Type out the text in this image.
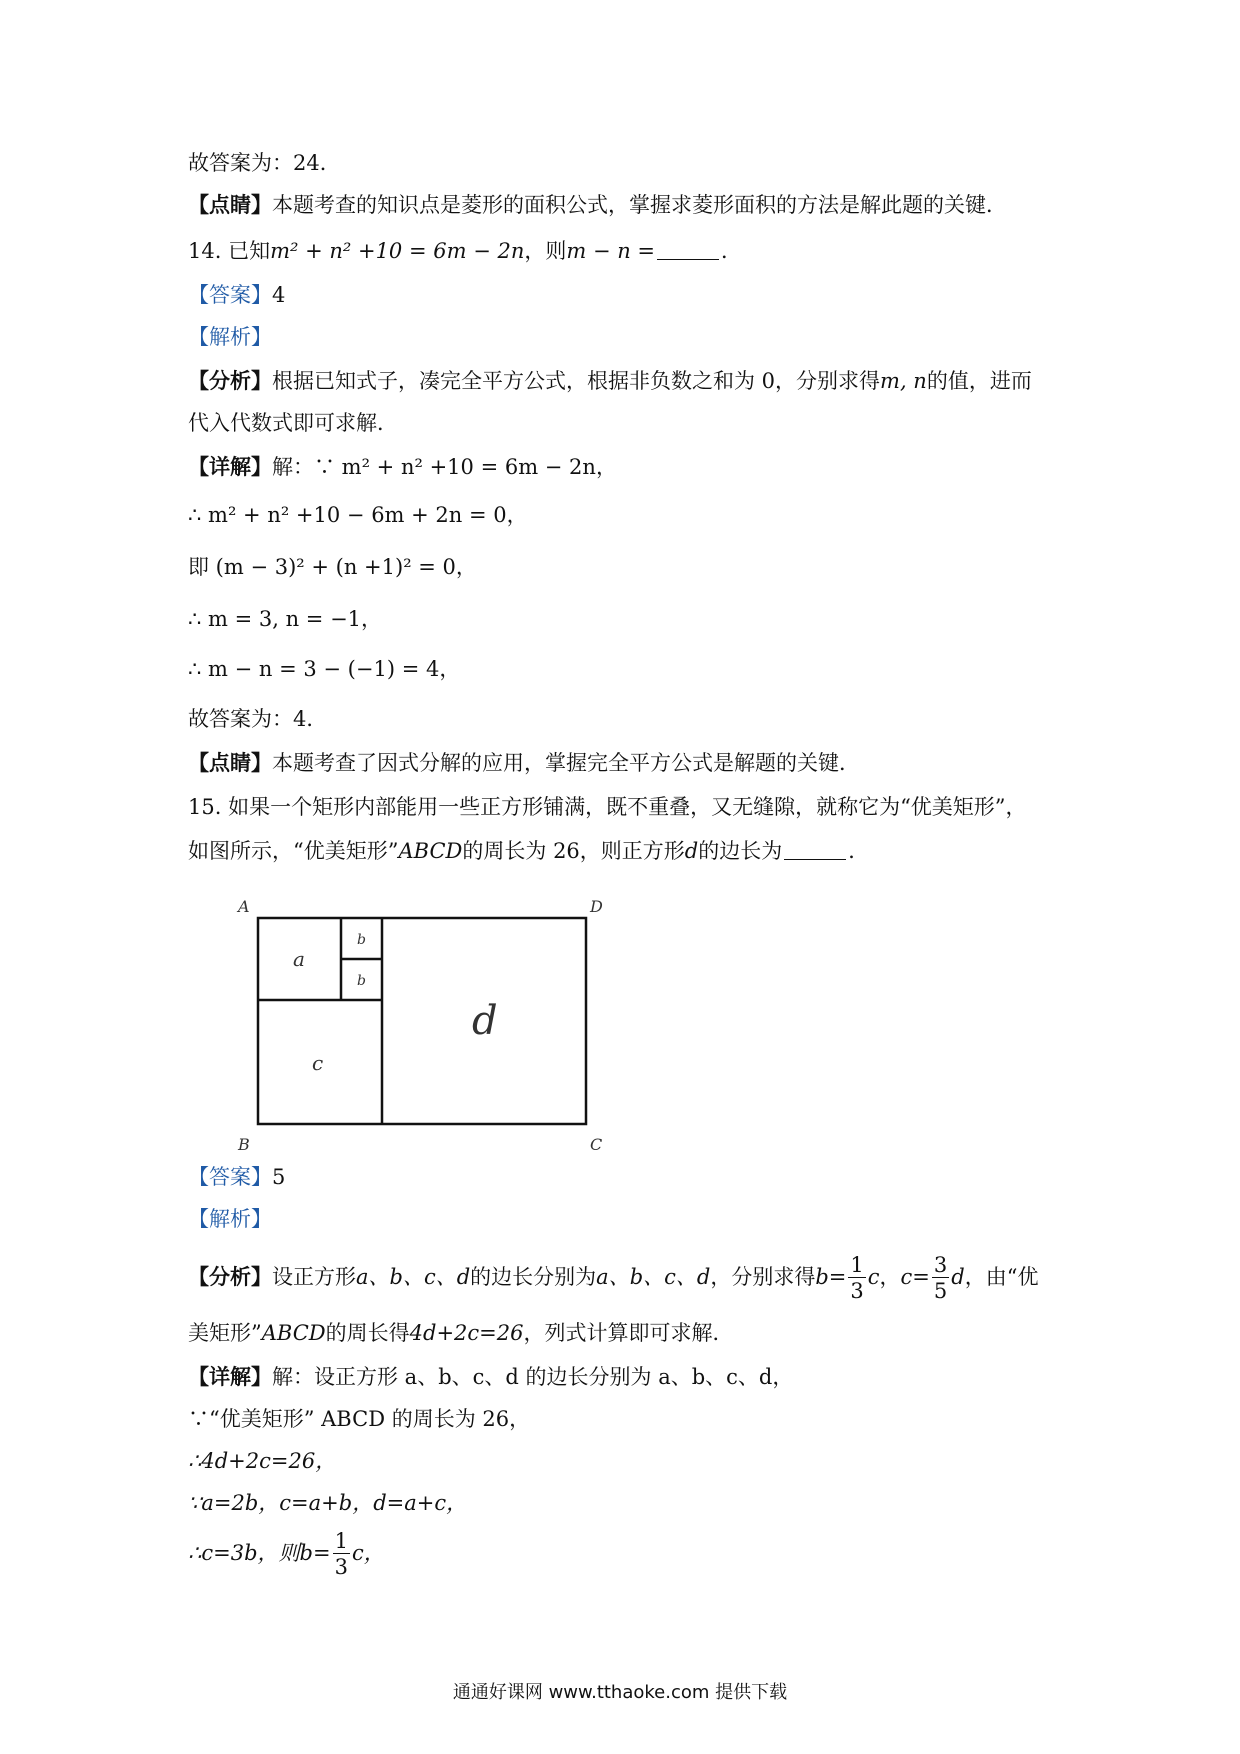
故答案为：24．
【点睛】本题考查的知识点是菱形的面积公式，掌握求菱形面积的方法是解此题的关键．
14. 已知m² + n² +10 = 6m − 2n，则m − n =	．
【答案】4
【解析】
【分析】根据已知式子，凑完全平方公式，根据非负数之和为 0，分别求得m, n的值，进而
代入代数式即可求解．
【详解】解：∵ m² + n² +10 = 6m − 2n，
∴ m² + n² +10 − 6m + 2n = 0，
即 (m − 3)² + (n +1)² = 0，
∴ m = 3, n = −1，
∴ m − n = 3 − (−1) = 4，
故答案为：4．
【点睛】本题考查了因式分解的应用，掌握完全平方公式是解题的关键．
15. 如果一个矩形内部能用一些正方形铺满，既不重叠，又无缝隙，就称它为“优美矩形”，
如图所示，“优美矩形”ABCD的周长为 26，则正方形d的边长为	．
A	D
B	C
a
b
b
c
d
【答案】5
【解析】
【分析】设正方形a、b、c、d的边长分别为a、b、c、d，分别求得$b= \frac{1}{3}$ c，$c= \frac{3}{5}$ d，由“优
美矩形”ABCD的周长得4d+2c=26，列式计算即可求解．
【详解】解：设正方形 a、b、c、d 的边长分别为 a、b、c、d，
∵“优美矩形” ABCD 的周长为 26，
∴4d+2c=26，
∵a=2b，c=a+b，d=a+c，
∴c=3b，则$b= \frac{1}{3}$ c，
通通好课网 www.tthaoke.com 提供下载
